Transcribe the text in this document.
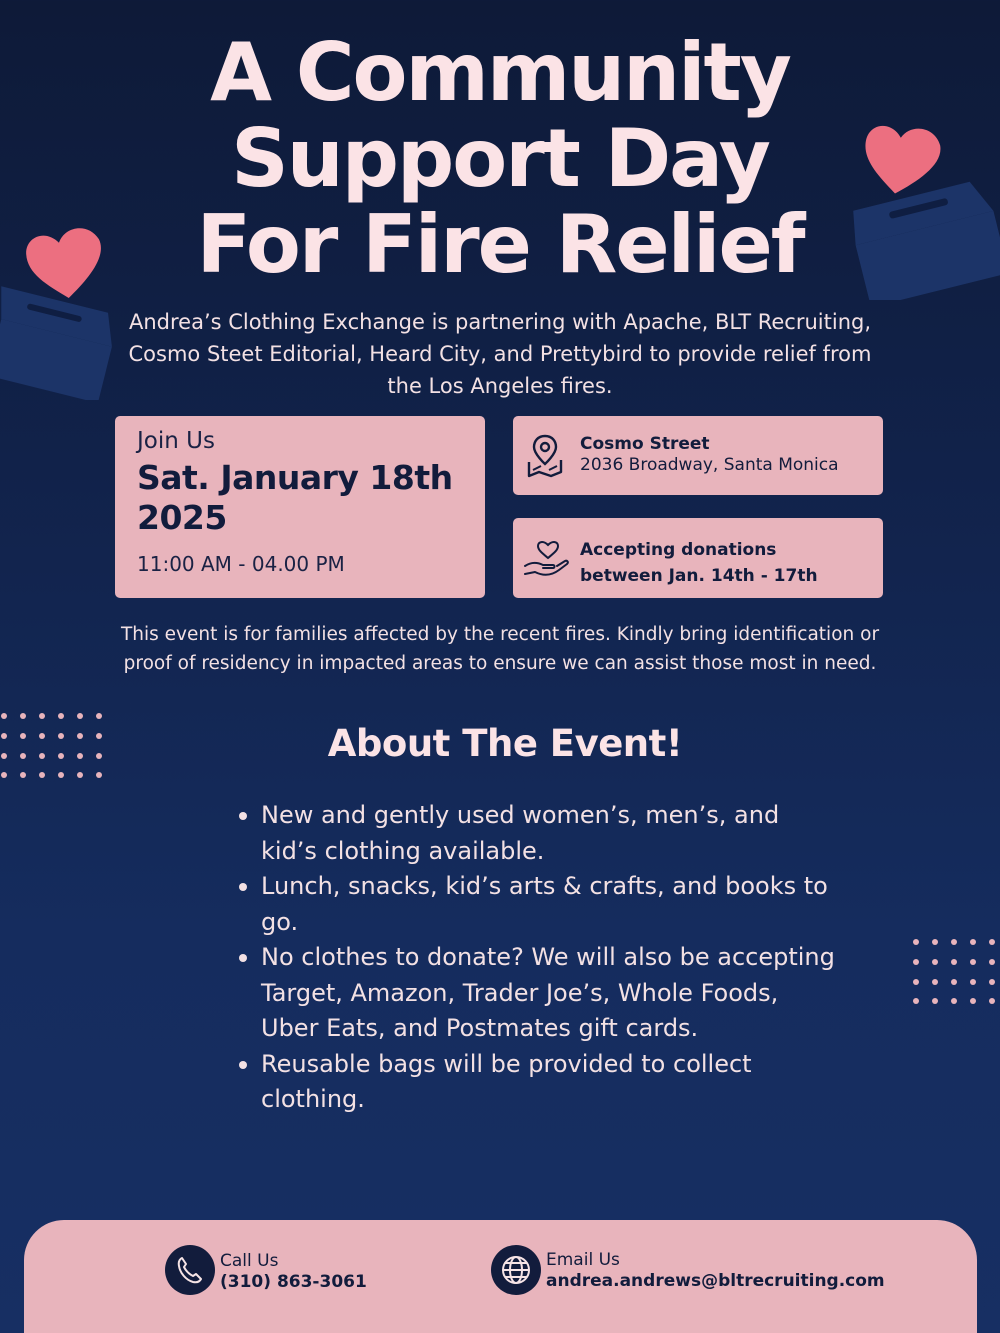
A Community
Support Day
For Fire Relief

Andrea’s Clothing Exchange is partnering with Apache, BLT Recruiting, Cosmo Steet Editorial, Heard City, and Prettybird to provide relief from the Los Angeles fires.

Join Us
Sat. January 18th
2025
11:00 AM - 04.00 PM
Cosmo Street
2036 Broadway, Santa Monica
Accepting donations
between Jan. 14th - 17th

This event is for families affected by the recent fires. Kindly bring identification or proof of residency in impacted areas to ensure we can assist those most in need.

About The Event!
New and gently used women’s, men’s, and kid’s clothing available.
Lunch, snacks, kid’s arts & crafts, and books to go.
No clothes to donate? We will also be accepting Target, Amazon, Trader Joe’s, Whole Foods, Uber Eats, and Postmates gift cards.
Reusable bags will be provided to collect clothing.
Call Us
(310) 863-3061
Email Us
andrea.andrews@bltrecruiting.com
